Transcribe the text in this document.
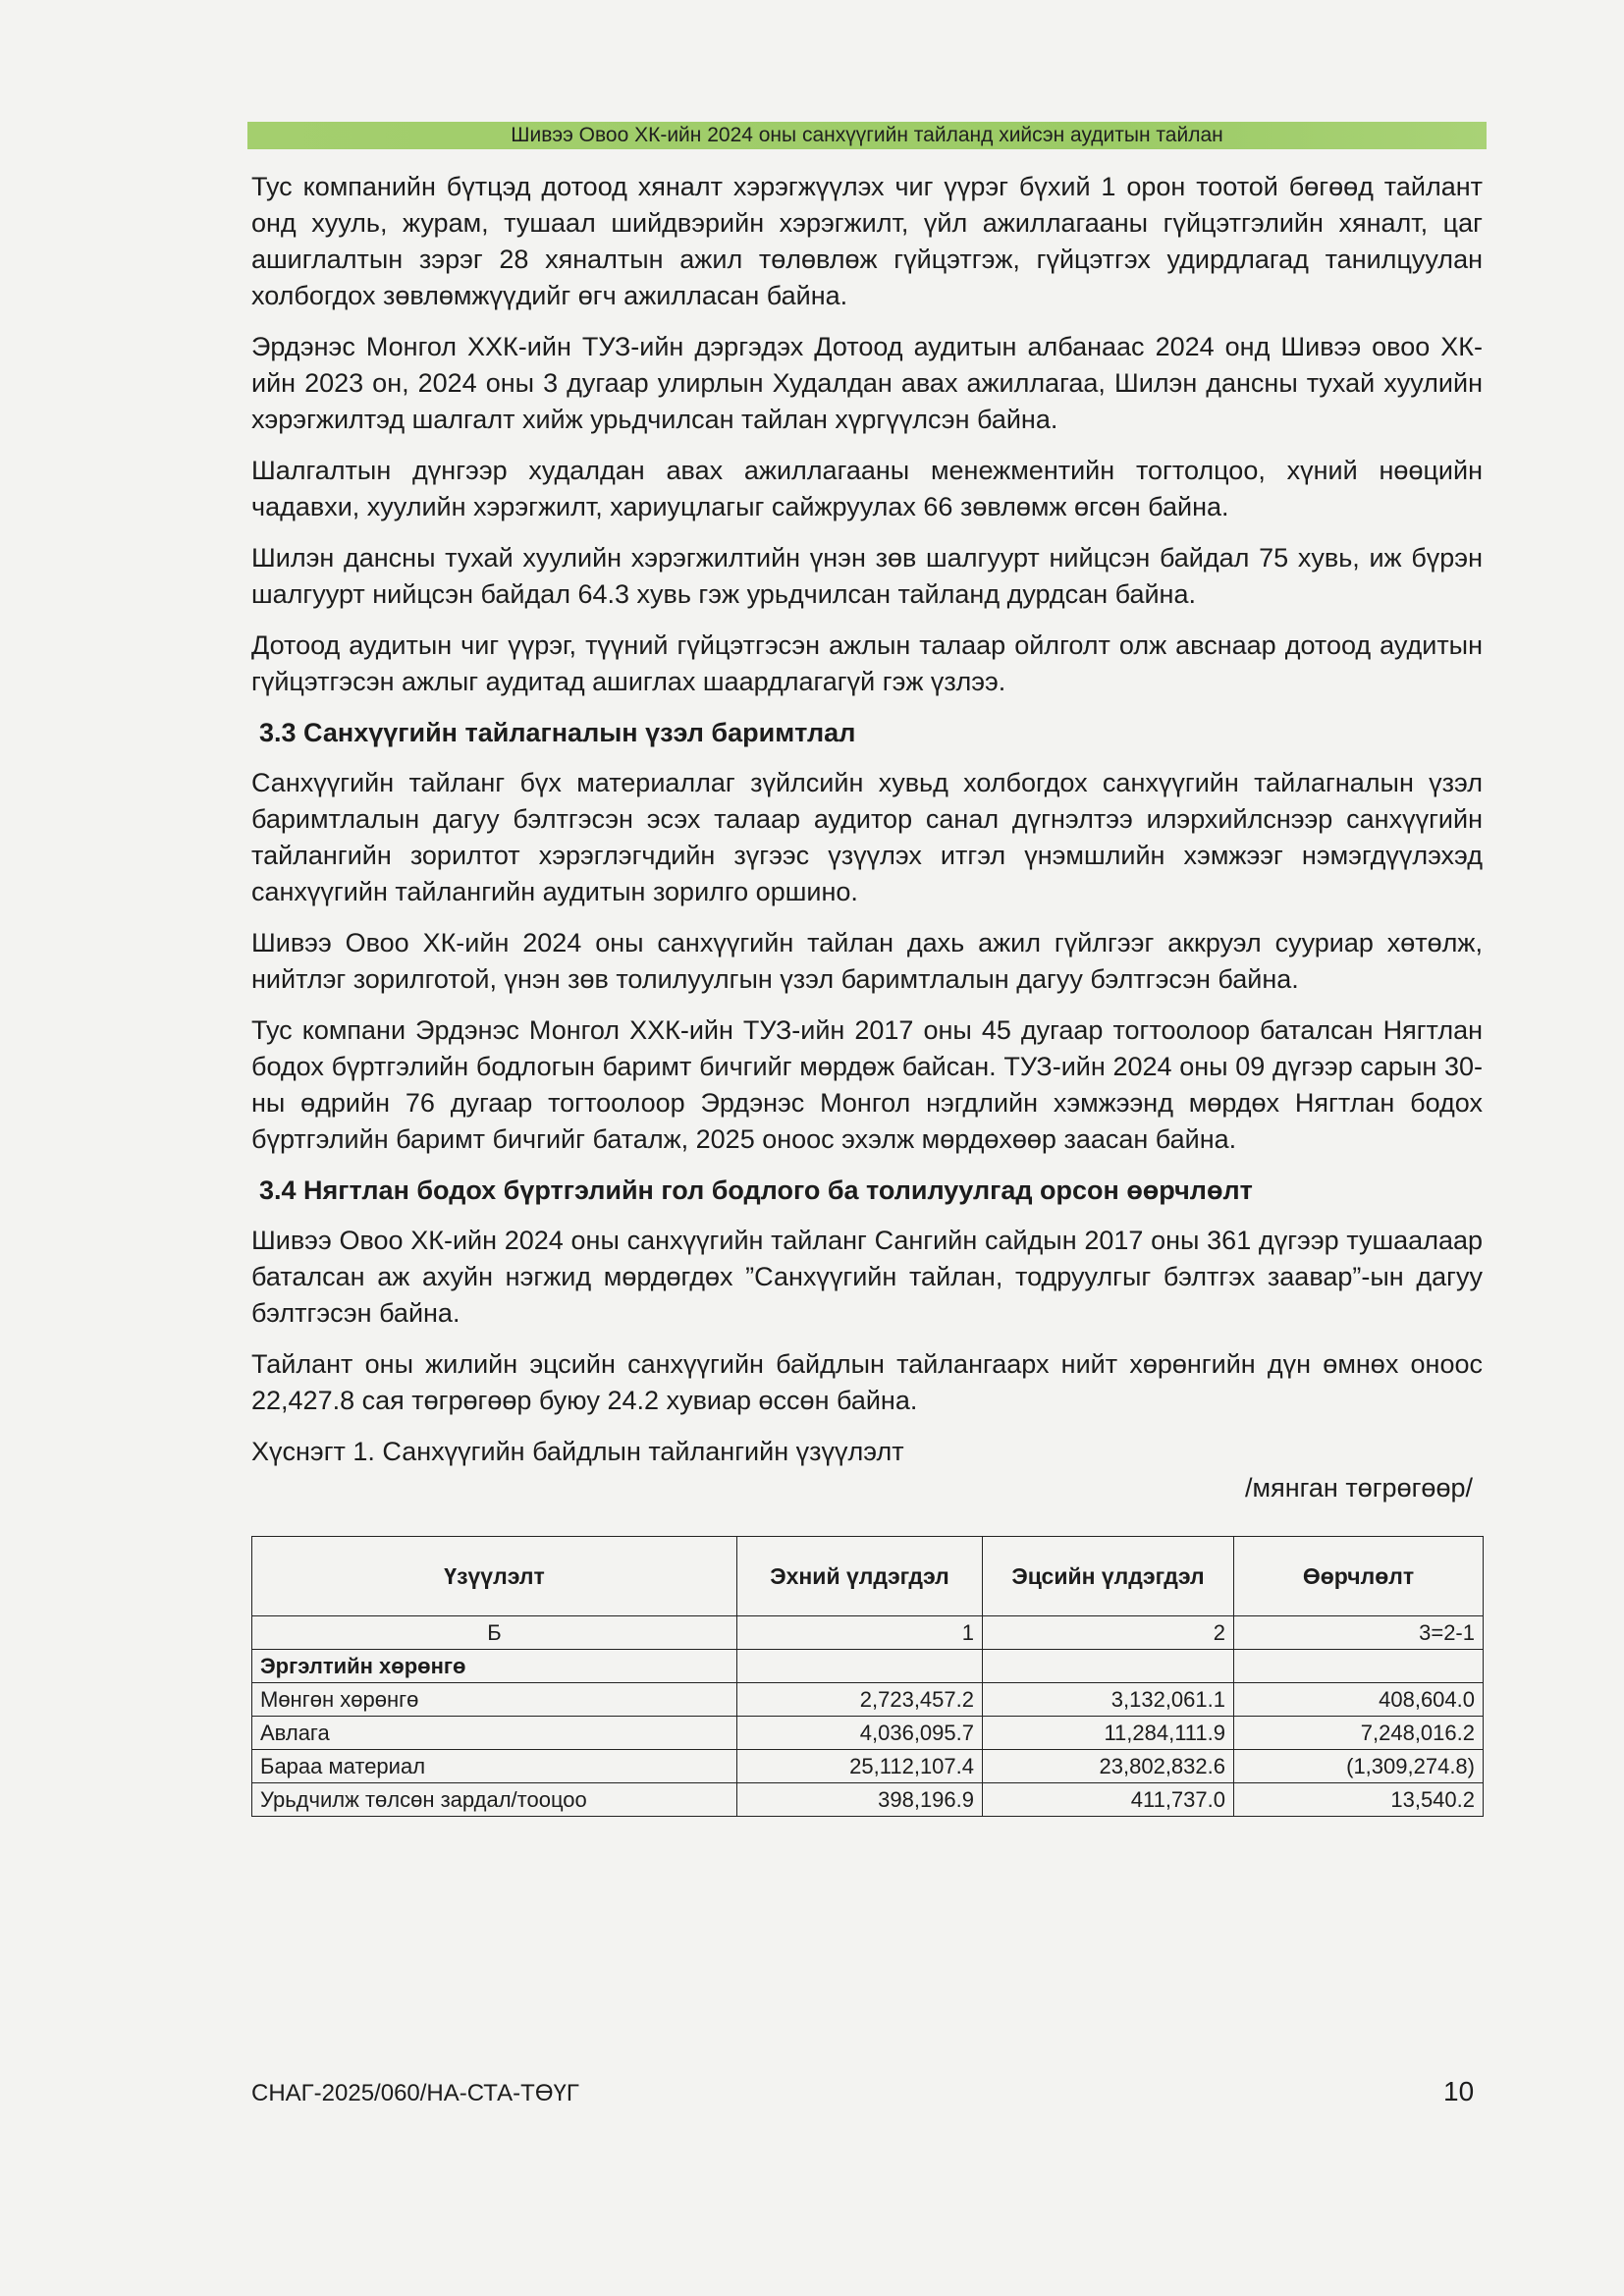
Шивээ Овоо ХК-ийн 2024 оны санхүүгийн тайланд хийсэн аудитын тайлан

Тус компанийн бүтцэд дотоод хяналт хэрэгжүүлэх чиг үүрэг бүхий 1 орон тоотой бөгөөд тайлант онд хууль, журам, тушаал шийдвэрийн хэрэгжилт, үйл ажиллагааны гүйцэтгэлийн хяналт, цаг ашиглалтын зэрэг 28 хяналтын ажил төлөвлөж гүйцэтгэж, гүйцэтгэх удирдлагад танилцуулан холбогдох зөвлөмжүүдийг өгч ажилласан байна.

Эрдэнэс Монгол ХХК-ийн ТУЗ-ийн дэргэдэх Дотоод аудитын албанаас 2024 онд Шивээ овоо ХК-ийн 2023 он, 2024 оны 3 дугаар улирлын Худалдан авах ажиллагаа, Шилэн дансны тухай хуулийн хэрэгжилтэд шалгалт хийж урьдчилсан тайлан хүргүүлсэн байна.

Шалгалтын дүнгээр худалдан авах ажиллагааны менежментийн тогтолцоо, хүний нөөцийн чадавхи, хуулийн хэрэгжилт, хариуцлагыг сайжруулах 66 зөвлөмж өгсөн байна.

Шилэн дансны тухай хуулийн хэрэгжилтийн үнэн зөв шалгуурт нийцсэн байдал 75 хувь, иж бүрэн шалгуурт нийцсэн байдал 64.3 хувь гэж урьдчилсан тайланд дурдсан байна.

Дотоод аудитын чиг үүрэг, түүний гүйцэтгэсэн ажлын талаар ойлголт олж авснаар дотоод аудитын гүйцэтгэсэн ажлыг аудитад ашиглах шаардлагагүй гэж үзлээ.

3.3 Санхүүгийн тайлагналын үзэл баримтлал

Санхүүгийн тайланг бүх материаллаг зүйлсийн хувьд холбогдох санхүүгийн тайлагналын үзэл баримтлалын дагуу бэлтгэсэн эсэх талаар аудитор санал дүгнэлтээ илэрхийлснээр санхүүгийн тайлангийн зорилтот хэрэглэгчдийн зүгээс үзүүлэх итгэл үнэмшлийн хэмжээг нэмэгдүүлэхэд санхүүгийн тайлангийн аудитын зорилго оршино.

Шивээ Овоо ХК-ийн 2024 оны санхүүгийн тайлан дахь ажил гүйлгээг аккруэл сууриар хөтөлж, нийтлэг зорилготой, үнэн зөв толилуулгын үзэл баримтлалын дагуу бэлтгэсэн байна.

Тус компани Эрдэнэс Монгол ХХК-ийн ТУЗ-ийн 2017 оны 45 дугаар тогтоолоор баталсан Нягтлан бодох бүртгэлийн бодлогын баримт бичгийг мөрдөж байсан. ТУЗ-ийн 2024 оны 09 дүгээр сарын 30-ны өдрийн 76 дугаар тогтоолоор Эрдэнэс Монгол нэгдлийн хэмжээнд мөрдөх Нягтлан бодох бүртгэлийн баримт бичгийг баталж, 2025 оноос эхэлж мөрдөхөөр заасан байна.

3.4 Нягтлан бодох бүртгэлийн гол бодлого ба толилуулгад орсон өөрчлөлт

Шивээ Овоо ХК-ийн 2024 оны санхүүгийн тайланг Сангийн сайдын 2017 оны 361 дүгээр тушаалаар баталсан аж ахуйн нэгжид мөрдөгдөх ”Санхүүгийн тайлан, тодруулгыг бэлтгэх заавар”-ын дагуу бэлтгэсэн байна.

Тайлант оны жилийн эцсийн санхүүгийн байдлын тайлангаарх нийт хөрөнгийн дүн өмнөх оноос 22,427.8 сая төгрөгөөр буюу 24.2 хувиар өссөн байна.

Хүснэгт 1. Санхүүгийн байдлын тайлангийн үзүүлэлт

/мянган төгрөгөөр/
Үзүүлэлт	Эхний үлдэгдэл	Эцсийн үлдэгдэл	Өөрчлөлт
Б	1	2	3=2-1
Эргэлтийн хөрөнгө			
Мөнгөн хөрөнгө	2,723,457.2	3,132,061.1	408,604.0
Авлага	4,036,095.7	11,284,111.9	7,248,016.2
Бараа материал	25,112,107.4	23,802,832.6	(1,309,274.8)
Урьдчилж төлсөн зардал/тооцоо	398,196.9	411,737.0	13,540.2
СНАГ-2025/060/НА-СТА-ТӨҮГ	10
